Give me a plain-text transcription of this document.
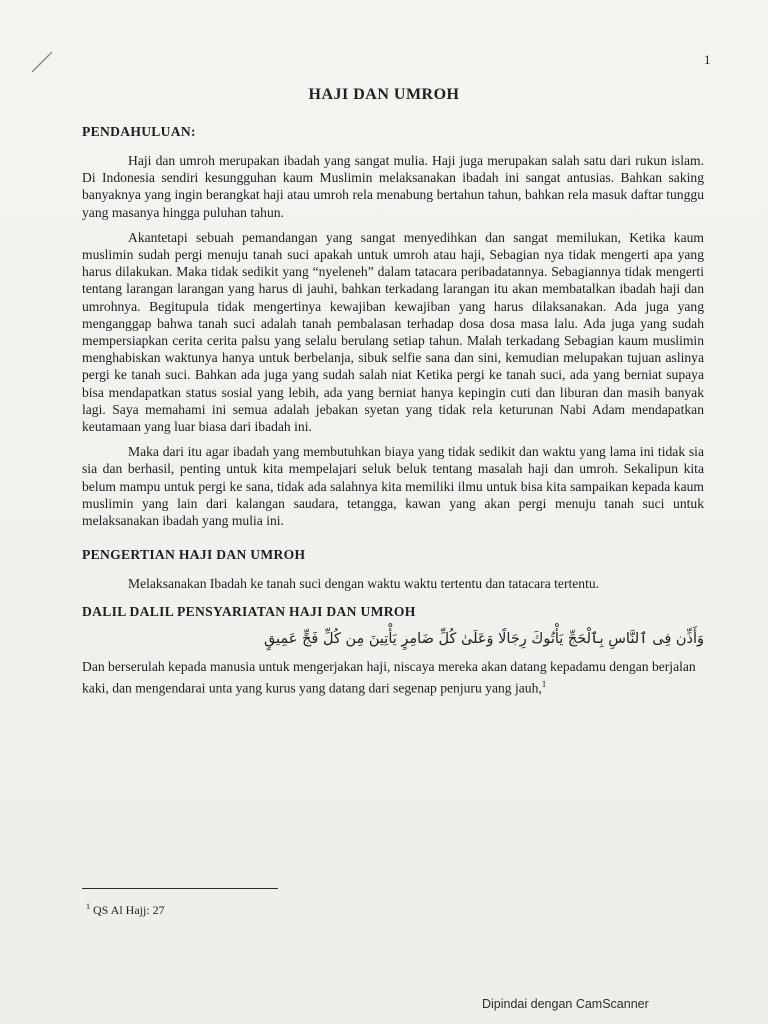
1
HAJI DAN UMROH
PENDAHULUAN:

Haji dan umroh merupakan ibadah yang sangat mulia. Haji juga merupakan salah satu dari rukun islam. Di Indonesia sendiri kesungguhan kaum Muslimin melaksanakan ibadah ini sangat antusias. Bahkan saking banyaknya yang ingin berangkat haji atau umroh rela menabung bertahun tahun, bahkan rela masuk daftar tunggu yang masanya hingga puluhan tahun.

Akantetapi sebuah pemandangan yang sangat menyedihkan dan sangat memilukan, Ketika kaum muslimin sudah pergi menuju tanah suci apakah untuk umroh atau haji, Sebagian nya tidak mengerti apa yang harus dilakukan. Maka tidak sedikit yang “nyeleneh” dalam tatacara peribadatannya. Sebagiannya tidak mengerti tentang larangan larangan yang harus di jauhi, bahkan terkadang larangan itu akan membatalkan ibadah haji dan umrohnya. Begitupula tidak mengertinya kewajiban kewajiban yang harus dilaksanakan. Ada juga yang menganggap bahwa tanah suci adalah tanah pembalasan terhadap dosa dosa masa lalu. Ada juga yang sudah mempersiapkan cerita cerita palsu yang selalu berulang setiap tahun. Malah terkadang Sebagian kaum muslimin menghabiskan waktunya hanya untuk berbelanja, sibuk selfie sana dan sini, kemudian melupakan tujuan aslinya pergi ke tanah suci. Bahkan ada juga yang sudah salah niat Ketika pergi ke tanah suci, ada yang berniat supaya bisa mendapatkan status sosial yang lebih, ada yang berniat hanya kepingin cuti dan liburan dan masih banyak lagi. Saya memahami ini semua adalah jebakan syetan yang tidak rela keturunan Nabi Adam mendapatkan keutamaan yang luar biasa dari ibadah ini.

Maka dari itu agar ibadah yang membutuhkan biaya yang tidak sedikit dan waktu yang lama ini tidak sia sia dan berhasil, penting untuk kita mempelajari seluk beluk tentang masalah haji dan umroh. Sekalipun kita belum mampu untuk pergi ke sana, tidak ada salahnya kita memiliki ilmu untuk bisa kita sampaikan kepada kaum muslimin yang lain dari kalangan saudara, tetangga, kawan yang akan pergi menuju tanah suci untuk melaksanakan ibadah yang mulia ini.

PENGERTIAN HAJI DAN UMROH

Melaksanakan Ibadah ke tanah suci dengan waktu waktu tertentu dan tatacara tertentu.

DALIL DALIL PENSYARIATAN HAJI DAN UMROH

وَأَذِّن فِى ٱلنَّاسِ بِٱلْحَجِّ يَأْتُوكَ رِجَالًا وَعَلَىٰ كُلِّ ضَامِرٍ يَأْتِينَ مِن كُلِّ فَجٍّ عَمِيقٍ

Dan berserulah kepada manusia untuk mengerjakan haji, niscaya mereka akan datang kepadamu dengan berjalan kaki, dan mengendarai unta yang kurus yang datang dari segenap penjuru yang jauh,$^1$

$^1$ QS Al Hajj: 27
Dipindai dengan CamScanner
